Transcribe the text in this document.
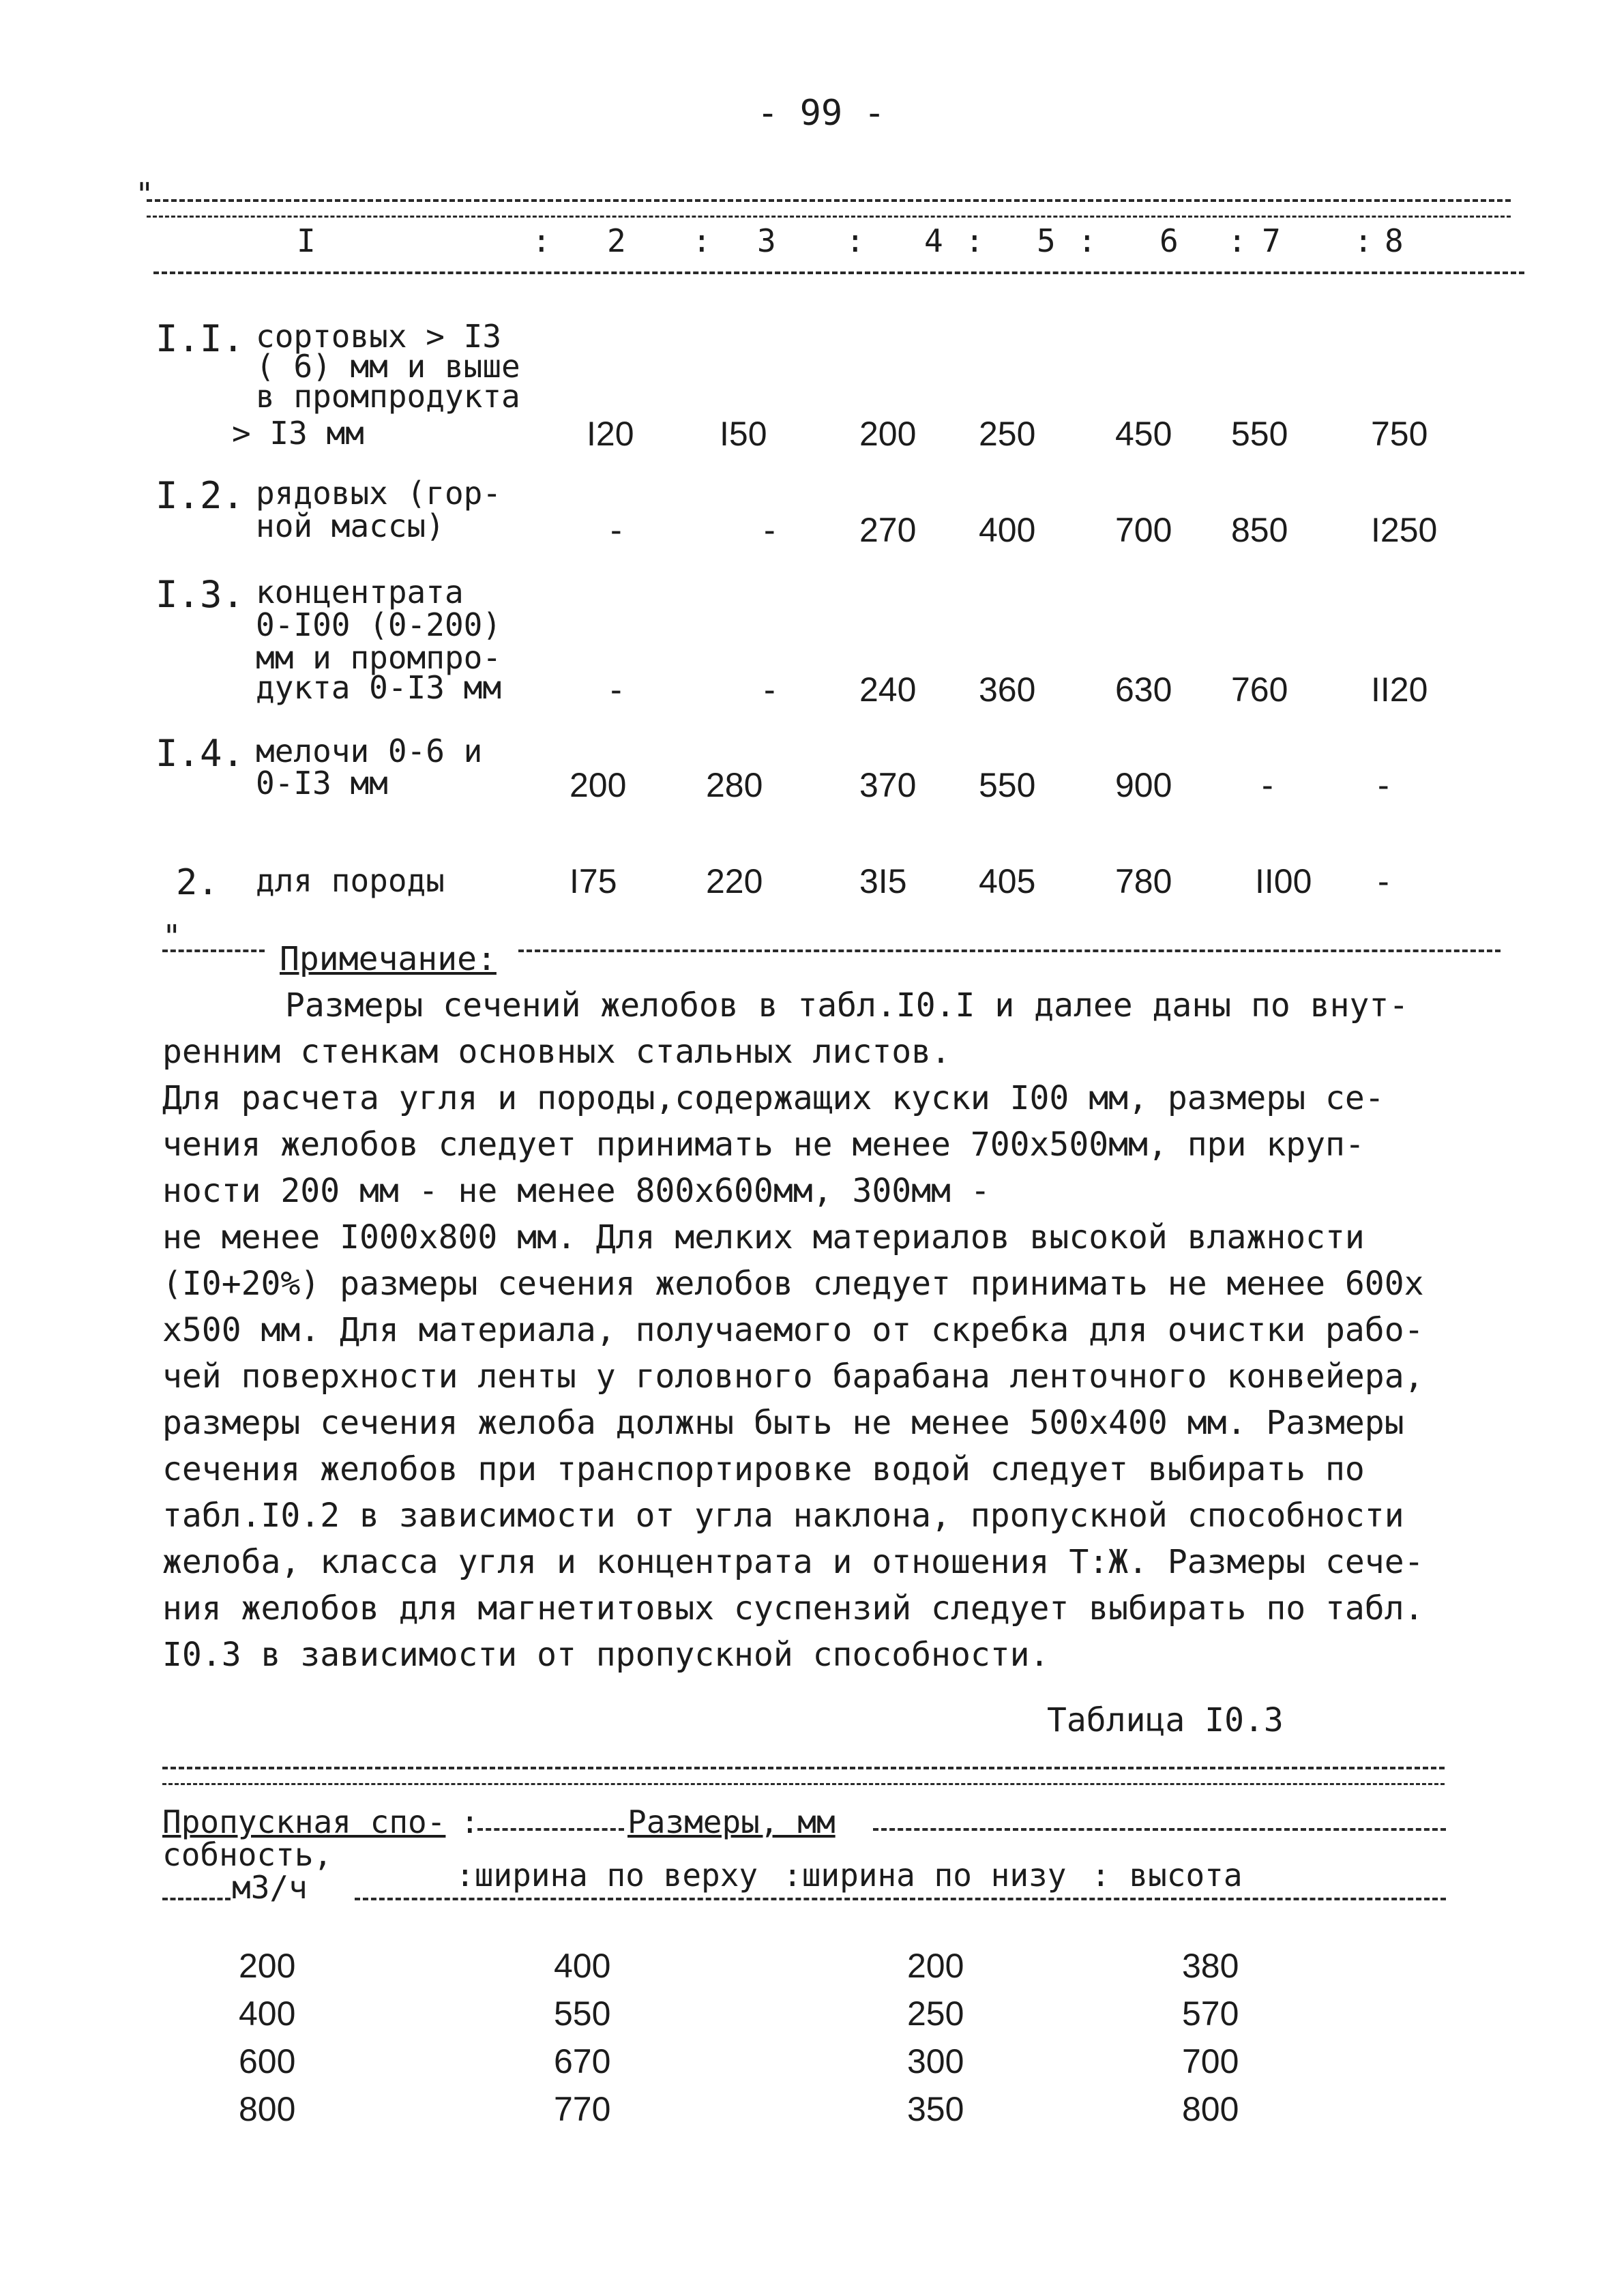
- 99 -
"
I	: 2 : 3 : 4 : 5 : 6 : 7 : 8
I.I. сортовых > I3
( 6) мм и выше
в промпродукта
> I3 мм	I20	I50	200 250 450 550 750
I.2. рядовых (гор-
ной массы)	-	- 270 400 700 850 I250
I.3. концентрата
0-I00 (0-200)
мм и промпро-
дукта 0-I3 мм	-	- 240 360 630 760 II20
I.4. мелочи 0-6 и
0-I3 мм	200 280	370 550 900	-	-
2. для породы	I75	220	3I5 405 780 II00 -
"
Примечание:
Размеры сечений желобов в табл.I0.I и далее даны по внут-
ренним стенкам основных стальных листов.
Для расчета угля и породы,содержащих куски I00 мм, размеры се-
чения желобов следует принимать не менее 700х500мм, при круп-
ности 200 мм - не менее 800х600мм, 300мм -
не менее I000х800 мм. Для мелких материалов высокой влажности
(I0+20%) размеры сечения желобов следует принимать не менее 600х
х500 мм. Для материала, получаемого от скребка для очистки рабо-
чей поверхности ленты у головного барабана ленточного конвейера,
размеры сечения желоба должны быть не менее 500х400 мм. Размеры
сечения желобов при транспортировке водой следует выбирать по
табл.I0.2 в зависимости от угла наклона, пропускной способности
желоба, класса угля и концентрата и отношения Т:Ж. Размеры сече-
ния желобов для магнетитовых суспензий следует выбирать по табл.
I0.3 в зависимости от пропускной способности.
Таблица I0.3
Пропускная спо-
собность,
м3/ч
:	Размеры, мм
:ширина по верху :ширина по низу : высота
200	400	200	380
400	550	250	570
600	670	300	700
800	770	350	800
